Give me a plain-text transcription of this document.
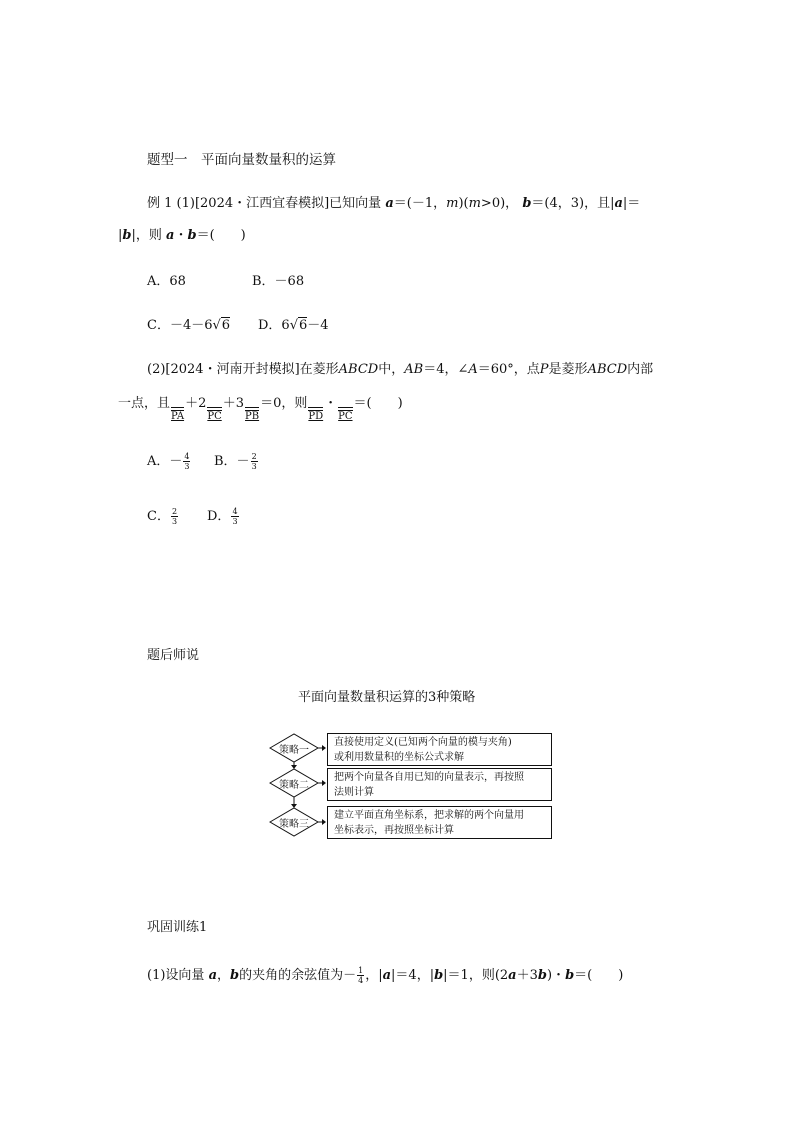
题型一　平面向量数量积的运算
例 1 (1)[2024・江西宜春模拟]已知向量 a＝(－1，m)(m>0)， b＝(4，3)，且|a|＝
|b|，则 a・b＝(　　)
A．68	B．－68
C．－4－6√6 D．6√6－4
(2)[2024・河南开封模拟]在菱形ABCD中，AB＝4，∠A＝60°，点P是菱形ABCD内部
一点，且
PA
＋2
PC
＋3
PB
＝0，则
PD
・
PC
＝(　　)
A．－ $\frac{4}{3}$ B．－ $\frac{2}{3}$
C． $\frac{2}{3}$ D． $\frac{4}{3}$
题后师说
平面向量数量积运算的3种策略
策略一
策略二
策略三
直接使用定义(已知两个向量的模与夹角)
或利用数量积的坐标公式求解
把两个向量各自用已知的向量表示，再按照
法则计算
建立平面直角坐标系，把求解的两个向量用
坐标表示，再按照坐标计算
巩固训练1
(1)设向量 a，b的夹角的余弦值为－ $\frac{1}{4}$ ，|a|＝4，|b|＝1，则(2a＋3b)・b＝(　　)
